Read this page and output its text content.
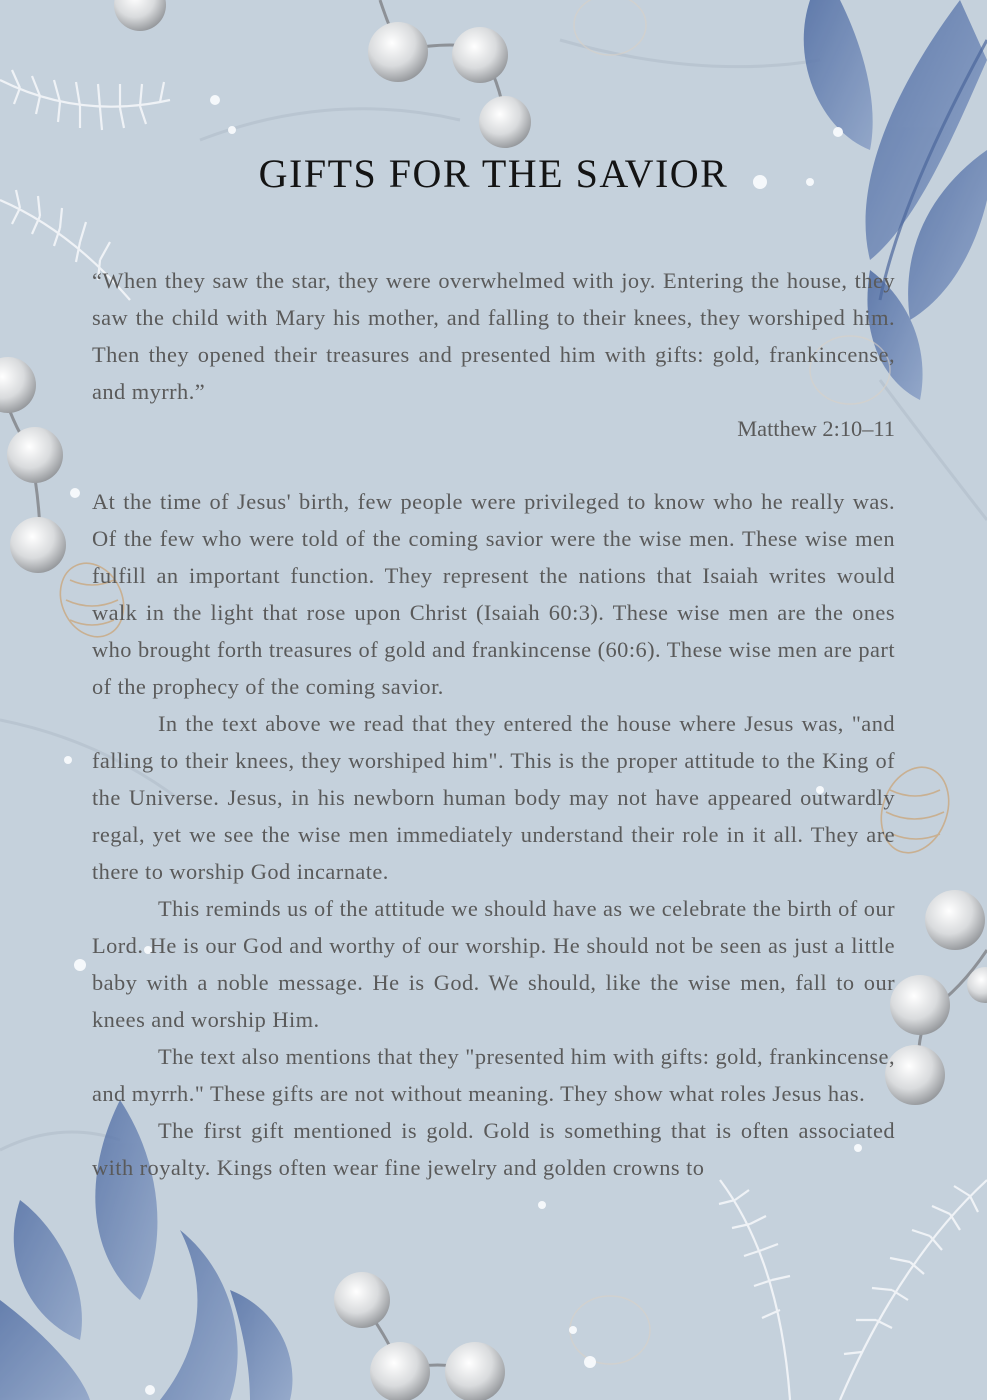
GIFTS FOR THE SAVIOR

“When they saw the star, they were overwhelmed with joy. Entering the house, they saw the child with Mary his mother, and falling to their knees, they worshiped him. Then they opened their treasures and presented him with gifts: gold, frankincense, and myrrh.”

Matthew 2:10–11

At the time of Jesus' birth, few people were privileged to know who he really was. Of the few who were told of the coming savior were the wise men. These wise men fulfill an important function. They represent the nations that Isaiah writes would walk in the light that rose upon Christ (Isaiah 60:3). These wise men are the ones who brought forth treasures of gold and frankincense (60:6). These wise men are part of the prophecy of the coming savior.

In the text above we read that they entered the house where Jesus was, "and falling to their knees, they worshiped him". This is the proper attitude to the King of the Universe. Jesus, in his newborn human body may not have appeared outwardly regal, yet we see the wise men immediately understand their role in it all. They are there to worship God incarnate.

This reminds us of the attitude we should have as we celebrate the birth of our Lord. He is our God and worthy of our worship. He should not be seen as just a little baby with a noble message. He is God. We should, like the wise men, fall to our knees and worship Him.

The text also mentions that they "presented him with gifts: gold, frankincense, and myrrh." These gifts are not without meaning. They show what roles Jesus has.

The first gift mentioned is gold. Gold is something that is often associated with royalty. Kings often wear fine jewelry and golden crowns to
